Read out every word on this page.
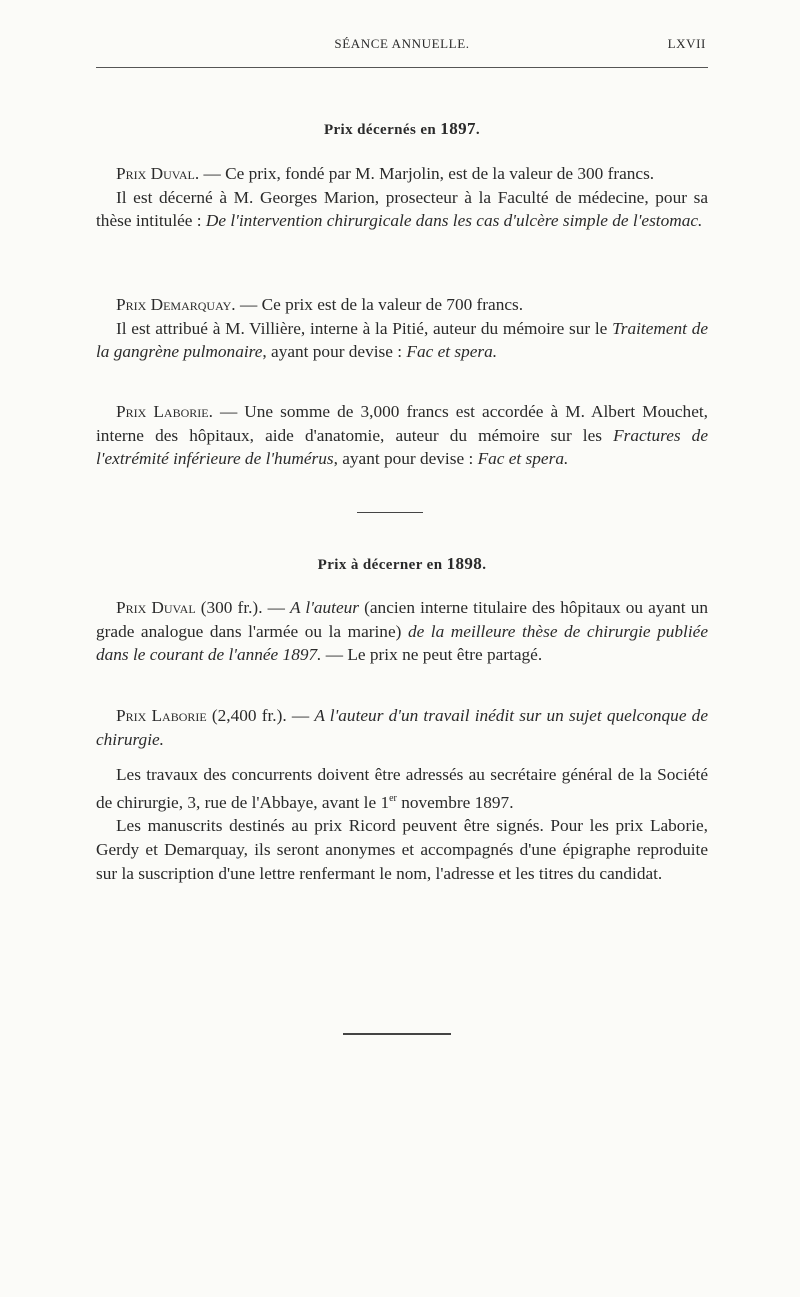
SÉANCE ANNUELLE.	LXVII
Prix décernés en 1897.

Prix Duval. — Ce prix, fondé par M. Marjolin, est de la valeur de 300 francs.

Il est décerné à M. Georges Marion, prosecteur à la Faculté de médecine, pour sa thèse intitulée : De l'intervention chirurgicale dans les cas d'ulcère simple de l'estomac.

Prix Demarquay. — Ce prix est de la valeur de 700 francs.

Il est attribué à M. Villière, interne à la Pitié, auteur du mémoire sur le Traitement de la gangrène pulmonaire, ayant pour devise : Fac et spera.

Prix Laborie. — Une somme de 3,000 francs est accordée à M. Albert Mouchet, interne des hôpitaux, aide d'anatomie, auteur du mémoire sur les Fractures de l'extrémité inférieure de l'humérus, ayant pour devise : Fac et spera.

Prix à décerner en 1898.

Prix Duval (300 fr.). — A l'auteur (ancien interne titulaire des hôpitaux ou ayant un grade analogue dans l'armée ou la marine) de la meilleure thèse de chirurgie publiée dans le courant de l'année 1897. — Le prix ne peut être partagé.

Prix Laborie (2,400 fr.). — A l'auteur d'un travail inédit sur un sujet quelconque de chirurgie.

Les travaux des concurrents doivent être adressés au secrétaire général de la Société de chirurgie, 3, rue de l'Abbaye, avant le 1er novembre 1897.

Les manuscrits destinés au prix Ricord peuvent être signés. Pour les prix Laborie, Gerdy et Demarquay, ils seront anonymes et accompagnés d'une épigraphe reproduite sur la suscription d'une lettre renfermant le nom, l'adresse et les titres du candidat.
